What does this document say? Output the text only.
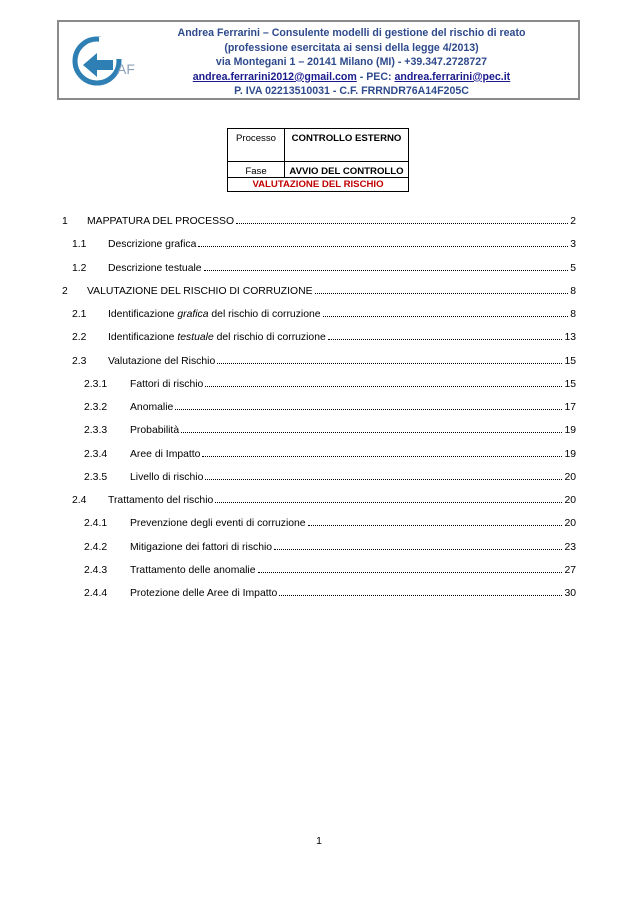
AF
Andrea Ferrarini – Consulente modelli di gestione del rischio di reato
(professione esercitata ai sensi della legge 4/2013)
via Montegani 1 – 20141 Milano (MI) - +39.347.2728727
andrea.ferrarini2012@gmail.com - PEC: andrea.ferrarini@pec.it
P. IVA 02213510031 - C.F. FRRNDR76A14F205C
Processo	CONTROLLO ESTERNO
Fase	AVVIO DEL CONTROLLO
VALUTAZIONE DEL RISCHIO	
1 MAPPATURA DEL PROCESSO	2
1.1 Descrizione grafica	3
1.2 Descrizione testuale	5
2 VALUTAZIONE DEL RISCHIO DI CORRUZIONE	8
2.1 Identificazione grafica del rischio di corruzione	8
2.2 Identificazione testuale del rischio di corruzione	13
2.3 Valutazione del Rischio	15
2.3.1 Fattori di rischio	15
2.3.2 Anomalie	17
2.3.3 Probabilità	19
2.3.4 Aree di Impatto	19
2.3.5 Livello di rischio	20
2.4 Trattamento del rischio	20
2.4.1 Prevenzione degli eventi di corruzione	20
2.4.2 Mitigazione dei fattori di rischio	23
2.4.3 Trattamento delle anomalie	27
2.4.4 Protezione delle Aree di Impatto	30
1
